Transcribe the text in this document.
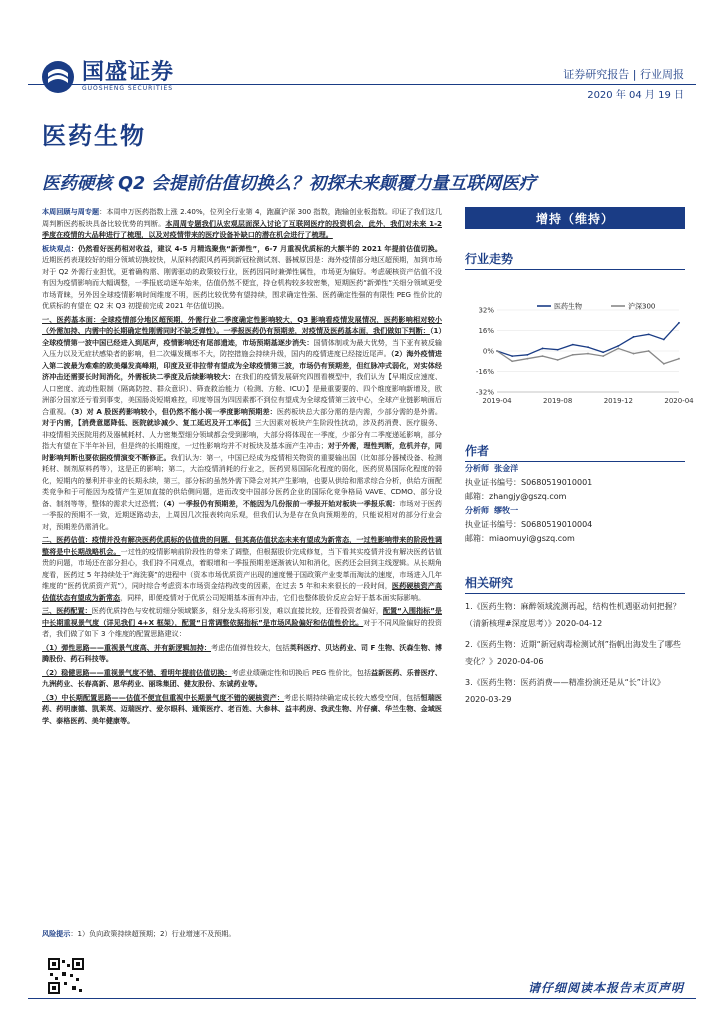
国盛证券
GUOSHENG SECURITIES
证券研究报告 | 行业周报
2020 年 04 月 19 日
医药生物
医药硬核 Q2 会提前估值切换么？初探未来颠覆力量互联网医疗

本周回顾与周专题：本周申万医药指数上涨 2.40%，位列全行业第 4，跑赢沪深 300 指数，跑输创业板指数。印证了我们这几周判断医药板块具备比较优势的判断。本周周专题我们从宏观层面深入讨论了互联网医疗的投资机会，此外，我们对未来 1-2 季度在疫情的大品种进行了梳理，以及对疫情带来的医疗设备补缺口的潜在机会进行了梳理。

板块观点：仍然看好医药相对收益，建议 4-5 月精选聚焦“新弹性”，6-7 月重视优质标的大额半的 2021 年提前估值切换。近期医药表现较好的细分领域切换较快，从原料药跟风药再到新冠检测试剂、器械原因是：海外疫情部分地区超预期，加到市场对于 Q2 外需行业担忧，更着确构需、刚需驱动的政策较行业，医药因同时兼弹性属性，市场更为偏好。考虑硬核资产估值不没有因为疫情影响而大幅调整，一季报底动逐车始来，估值仍然不便宜，持仓机构较多较密集，短期医药“新弹性”关细分领域更受市场青睐，另外因全球疫情影响时间维度不明，医药比较优势有望持续，围求确定性强、医药确定性强的有限性 PEG 性价比的优质标的有望在 Q2 末 Q3 初提前完成 2021 年估值切换。

一、医药基本面：全球疫情部分地区超预期，外需行业二季度确定性影响较大，Q3 影响看疫情发展情况，医药影响相对较小（外需加持、内需中的长期确定性刚需同时不缺乏弹性）。一季报医药仍有预期差，对疫情及医药基本面，我们做如下判断：（1）全球疫情第一波中国已经进入到尾声，疫情影响还有尾部遗迹，市场预期基逐步消失：国情体制或为最大优势，当下亚有被反输入压力以及无症状感染者的影响，但二次爆发概率不大，防控措施会持续升级，国内的疫情进度已经接近尾声。（2）海外疫情进入第二波最为难难的欧美爆发高峰期，印度及亚非拉带有望成为全球疫情第三波，市场仍有预期差，但红脉冲式弱化，对实体经济冲击还需要长时间消化，外需板块二季度及后续影响较大：在我们的疫情发展研究四围看模型中，我们认为【早期反应速度、人口密度、流动性限制（隔离防控、群众意识）、筛查救治能力（检测、方舱、ICU）】是最重要要的、四个维度影响新增及，欧洲部分国家还亏看到事变，美国肠炎短期难控，印度等国为四因素都不到位有望成为全球疫情第三波中心，全球产业链影响面后合重视。（3）对 A 股医药影响较小，但仍然不能小视一季度影响预期差：医药板块总大部分需的是内需，少部分需的是外需。对于内需，【消费意愿降低、医院就诊减少、复工延迟及开工率低】三大因素对板块产生阶段性扰动，涉及药消费、医疗服务、非疫情相关医院用药及器械耗材、人力密集型细分领域都会受到影响，大部分将体现在一季度，少部分有二季度递延影响，部分指大有望在下半年补回，但是终的长期维度，一过性影响均并不对板块及基本面产生冲击；对于外需，理性判断，危机并存，同时影响判断也要依据疫情演变不断修正。我们认为：第一，中国已经成为疫情相关物资的重要输出国（比如部分器械设备、检测耗材、制剂原料药等），这是正的影响；第二，大治疫情消耗的行业之，医药贸易国际化程度的弱化，医药贸易国际化程度的弱化，短期内的暴利并非业的长期永续，第三，部分标的虽然外需下降会对其产生影响，也要从供给和需求综合分析，供给方面配类竞争和于可能因为疫情产生更加直接的供给侧问题，进而改变中国部分医药企业的国际化竞争格局 VAVE、CDMO、部分设备、制剂等等，整体的需求大过恐慌；（4）一季报仍有预期差，不能因为几份报前一季报开始对板块一季报乐观：市场对于医药一季报的预期不一致，近期逐路动去，上周因几次报表转向乐观，但我们认为是存在负向预期差的，只能说相对的部分行业会对，预期差仍需消化。

二、医药估值：疫情并没有解决医药优质标的估值贵的问题，但其高估值状态未来有望成为新常态，一过性影响带来的阶段性调整将是中长期战略机会。一过性的疫情影响前阶段性的带来了调整，但根据股价完成修复，当下看其实疫情并没有解决医药估值贵的问题，市场还在部分担心，我们持不同观点，着眼增和一季报预期差逐渐被认知和消化，医药还会回到主线逻辑。从长期角度看，医药过 5 年持续处于“海洗赛”的进程中（资本市场优质资产出现的速度慢于国政策产业变革而淘汰的速度，市场进入几年维度的“医药优质资产荒”），同时综合考虑资本市场资金结构改变的因素，在过去 5 年和未来很长的一段时间，医药硬核资产高估值状态有望成为新常态，同样，即便疫情对于优质公司短期基本面有冲击，它们也整体股价反应会好于基本面实际影响。

三、医药配置：医药优质持色与安枕切细分领域繁多，细分龙头将形引发，难以直接比较，还看投资者偏好，配置“入围指标”是中长期重视景气度（详见我们 4+X 框架），配置“日常调整依据指标”是市场风险偏好和估值性价比。对于不同风险偏好的投资者，我们做了如下 3 个维度的配置思路建议：

（1）弹性思路——重视景气度高、并有新逻辑加持：考虑估值弹性较大，包括英科医疗、贝达药业、司 F 生物、沃森生物、博腾股份、药石科技等。

（2）稳健思路——重视景气度不错、看明年提前估值切换：考虑业绩确定性和切换后 PEG 性价比，包括益新医药、乐普医疗、九洲药业、长春高新、恩华药业、丽珠集团、健友股份、东诚药业等。

（3）中长期配置思路——估值不便宜但重视中长期景气度不错的硬核资产：考虑长期持续确定成长较大感受空间，包括恒瑞医药、药明康德、凯莱英、迈瑞医疗、爱尔眼科、通策医疗、老百姓、大参林、益丰药房、我武生物、片仔癀、华兰生物、金域医学、泰格医药、美年健康等。

风险提示：1）负向政策持续超预期；2）行业增速不及预期。
增持（维持）
行业走势
32%
16%
0%
-16%
-32%
2019-04	2019-08	2019-12	2020-04
医药生物	沪深300
作者
分析师 张金洋
执业证书编号：S0680519010001
邮箱：zhangjy@gszq.com
分析师 缪牧一
执业证书编号：S0680519010004
邮箱：miaomuyi@gszq.com
相关研究

1.《医药生物：麻醉领域流测再起，结构性机遇驱动何把握？（清新核理#深度思考）》2020-04-12

2.《医药生物：近期“新冠病毒检测试剂”指帆出海发生了哪些变化？》2020-04-06

3.《医药生物：医药消费——精准扮演还是从“长”计议》2020-03-29

请仔细阅读本报告末页声明
